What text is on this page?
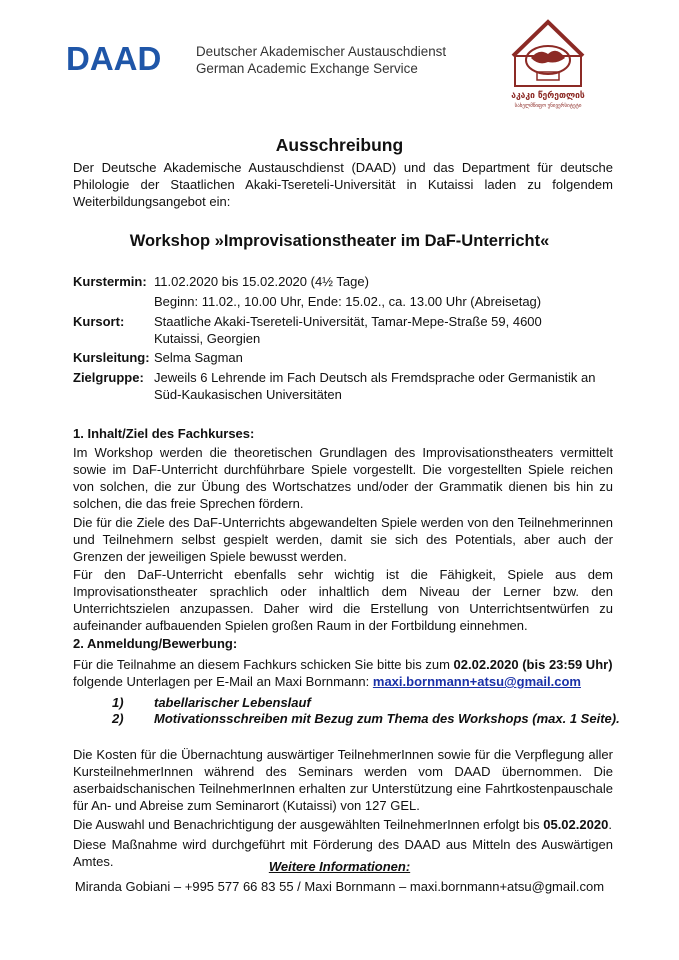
DAAD	Deutscher Akademischer Austauschdienst
German Academic Exchange Service
აკაკი წერეთლის
სახელმწიფო უნივერსიტეტი
Ausschreibung
Der Deutsche Akademische Austauschdienst (DAAD) und das Department für deutsche Philologie der Staatlichen Akaki-Tsereteli-Universität in Kutaissi laden zu folgendem Weiterbildungsangebot ein:
Workshop »Improvisationstheater im DaF-Unterricht«
Kurstermin: 11.02.2020 bis 15.02.2020 (4½ Tage)
Beginn: 11.02., 10.00 Uhr, Ende: 15.02., ca. 13.00 Uhr (Abreisetag)
Kursort: Staatliche Akaki-Tsereteli-Universität, Tamar-Mepe-Straße 59, 4600 Kutaissi, Georgien
Kursleitung: Selma Sagman
Zielgruppe: Jeweils 6 Lehrende im Fach Deutsch als Fremdsprache oder Germanistik an Süd-Kaukasischen Universitäten
1. Inhalt/Ziel des Fachkurses:
Im Workshop werden die theoretischen Grundlagen des Improvisationstheaters vermittelt sowie im DaF-Unterricht durchführbare Spiele vorgestellt. Die vorgestellten Spiele reichen von solchen, die zur Übung des Wortschatzes und/oder der Grammatik dienen bis hin zu solchen, die das freie Sprechen fördern.
Die für die Ziele des DaF-Unterrichts abgewandelten Spiele werden von den Teilnehmerinnen und Teilnehmern selbst gespielt werden, damit sie sich des Potentials, aber auch der Grenzen der jeweiligen Spiele bewusst werden.
Für den DaF-Unterricht ebenfalls sehr wichtig ist die Fähigkeit, Spiele aus dem Improvisationstheater sprachlich oder inhaltlich dem Niveau der Lerner bzw. den Unterrichtszielen anzupassen. Daher wird die Erstellung von Unterrichtsentwürfen zu aufeinander aufbauenden Spielen großen Raum in der Fortbildung einnehmen.
2. Anmeldung/Bewerbung:
Für die Teilnahme an diesem Fachkurs schicken Sie bitte bis zum 02.02.2020 (bis 23:59 Uhr)
folgende Unterlagen per E-Mail an Maxi Bornmann: maxi.bornmann+atsu@gmail.com
1) tabellarischer Lebenslauf
2) Motivationsschreiben mit Bezug zum Thema des Workshops (max. 1 Seite).
Die Kosten für die Übernachtung auswärtiger TeilnehmerInnen sowie für die Verpflegung aller KursteilnehmerInnen während des Seminars werden vom DAAD übernommen. Die aserbaidschanischen TeilnehmerInnen erhalten zur Unterstützung eine Fahrtkostenpauschale für An- und Abreise zum Seminarort (Kutaissi) von 127 GEL.
Die Auswahl und Benachrichtigung der ausgewählten TeilnehmerInnen erfolgt bis 05.02.2020.
Diese Maßnahme wird durchgeführt mit Förderung des DAAD aus Mitteln des Auswärtigen Amtes.	Weitere Informationen:
Miranda Gobiani – +995 577 66 83 55 / Maxi Bornmann – maxi.bornmann+atsu@gmail.com
